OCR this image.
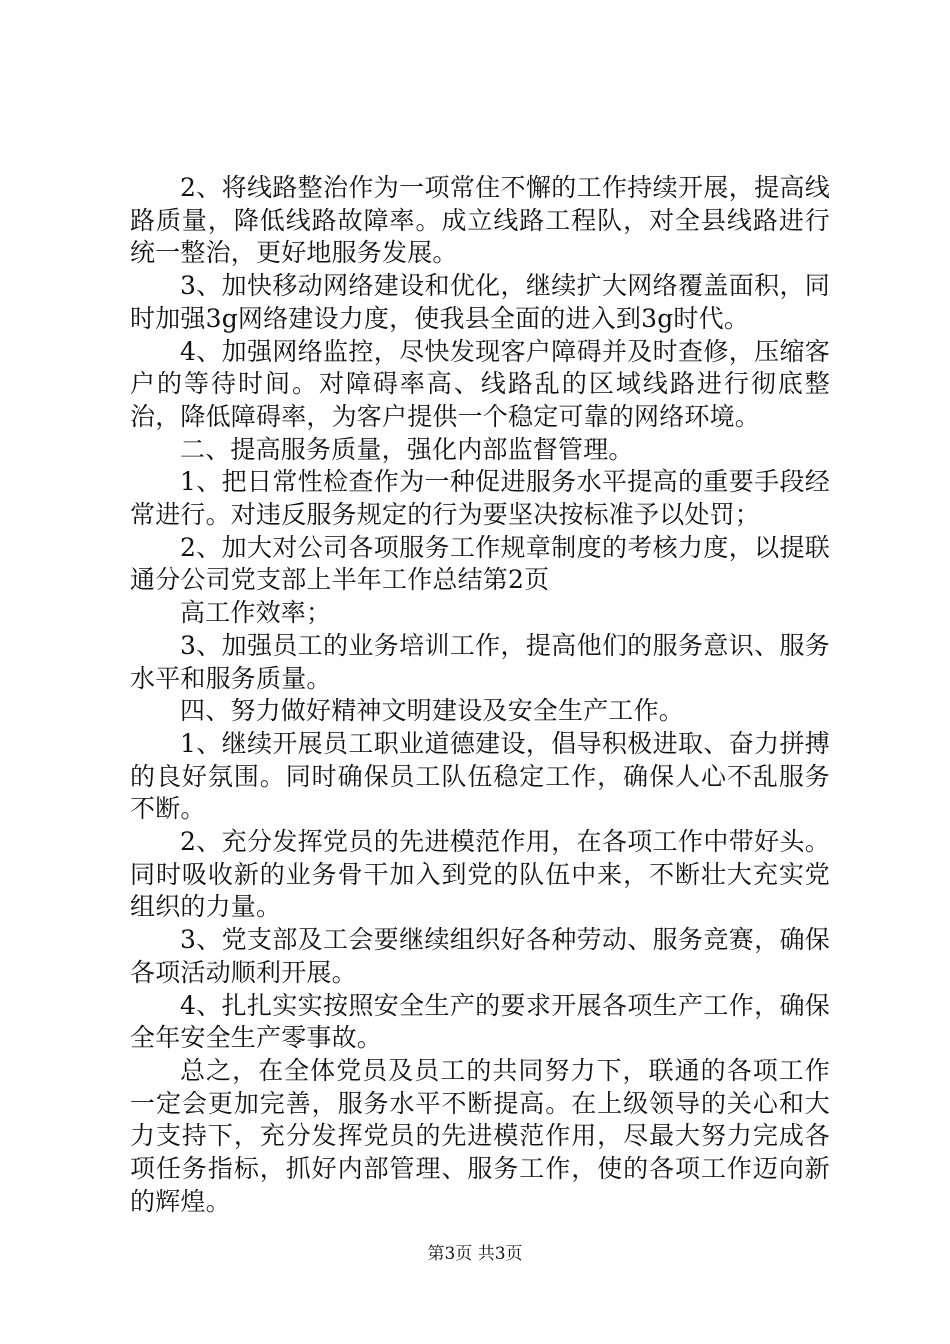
2、将线路整治作为一项常住不懈的工作持续开展，提高线路质量，降低线路故障率。成立线路工程队，对全县线路进行统一整治，更好地服务发展。

3、加快移动网络建设和优化，继续扩大网络覆盖面积，同时加强3g网络建设力度，使我县全面的进入到3g时代。

4、加强网络监控，尽快发现客户障碍并及时查修，压缩客户的等待时间。对障碍率高、线路乱的区域线路进行彻底整治，降低障碍率，为客户提供一个稳定可靠的网络环境。

二、提高服务质量，强化内部监督管理。

1、把日常性检查作为一种促进服务水平提高的重要手段经常进行。对违反服务规定的行为要坚决按标准予以处罚；

2、加大对公司各项服务工作规章制度的考核力度，以提联通分公司党支部上半年工作总结第2页

高工作效率；

3、加强员工的业务培训工作，提高他们的服务意识、服务水平和服务质量。

四、努力做好精神文明建设及安全生产工作。

1、继续开展员工职业道德建设，倡导积极进取、奋力拼搏的良好氛围。同时确保员工队伍稳定工作，确保人心不乱服务不断。

2、充分发挥党员的先进模范作用，在各项工作中带好头。同时吸收新的业务骨干加入到党的队伍中来，不断壮大充实党组织的力量。

3、党支部及工会要继续组织好各种劳动、服务竞赛，确保各项活动顺利开展。

4、扎扎实实按照安全生产的要求开展各项生产工作，确保全年安全生产零事故。

总之，在全体党员及员工的共同努力下，联通的各项工作一定会更加完善，服务水平不断提高。在上级领导的关心和大力支持下，充分发挥党员的先进模范作用，尽最大努力完成各项任务指标，抓好内部管理、服务工作，使的各项工作迈向新的辉煌。

第3页 共3页
